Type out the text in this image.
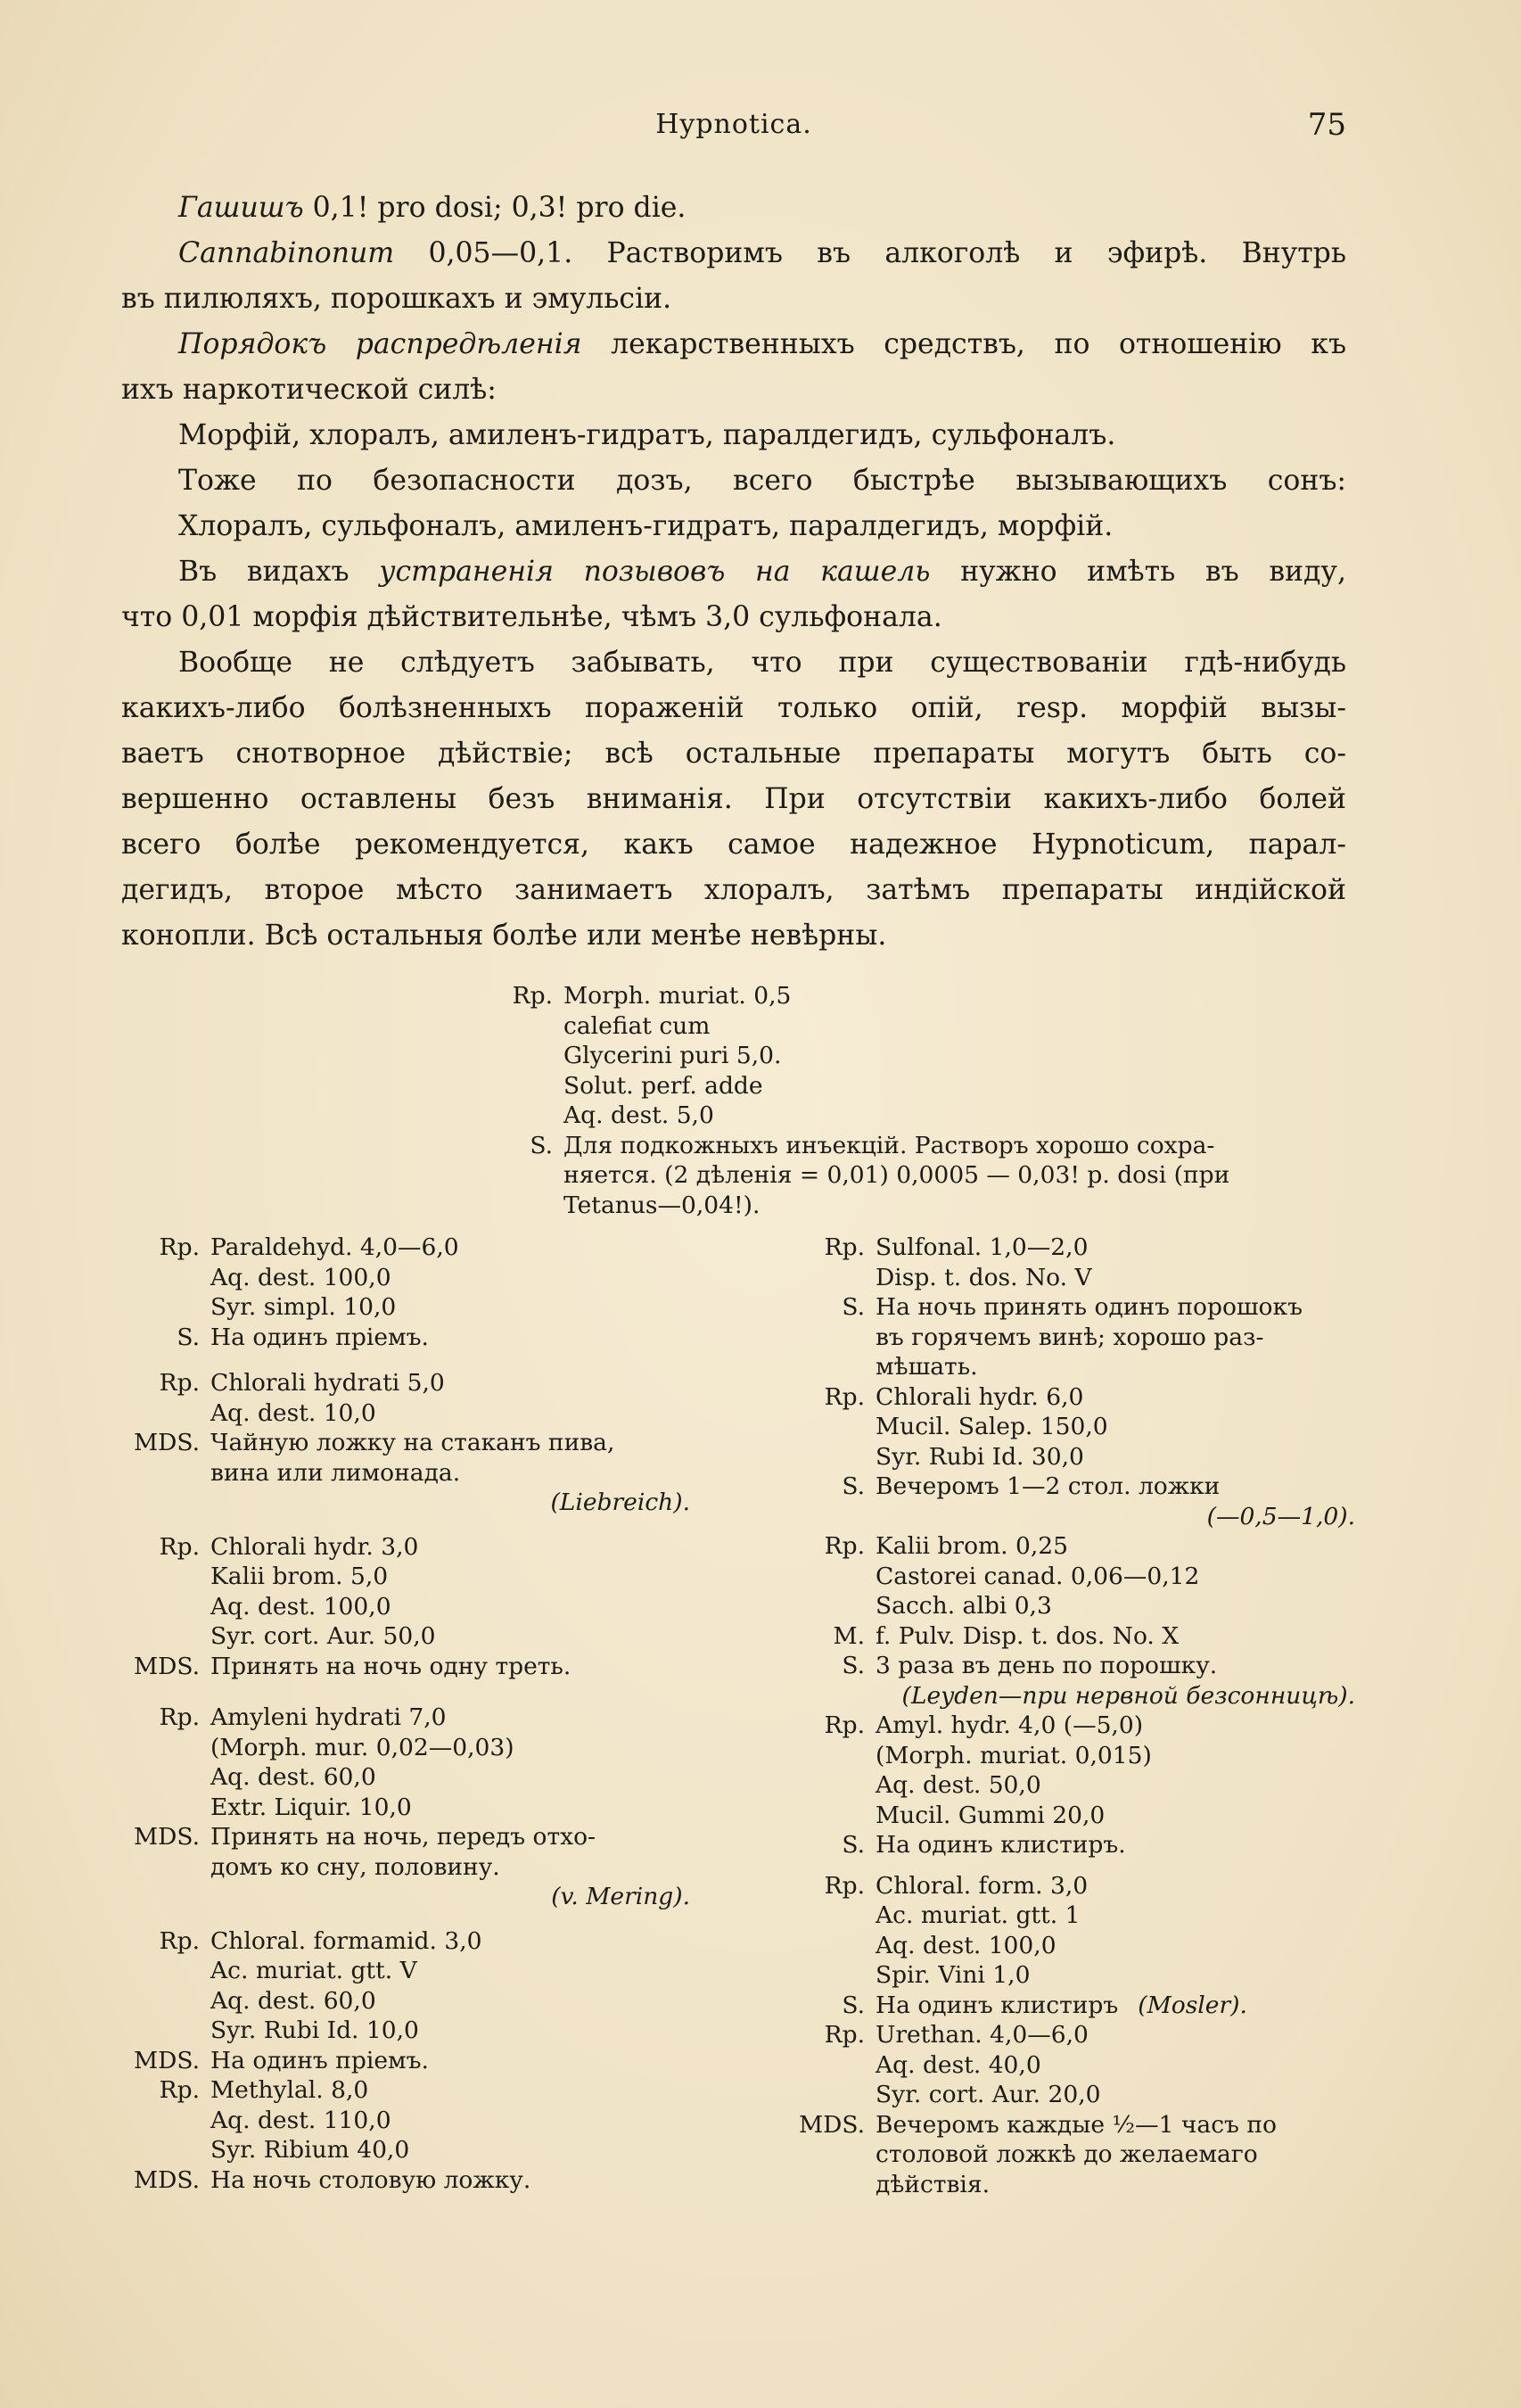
Hypnotica.	75

Гашишъ 0,1! pro dosi; 0,3! pro die.

Cannabinonum 0,05—0,1. Растворимъ въ алкоголѣ и эфирѣ. Внутрь
въ пилюляхъ, порошкахъ и эмульсіи.

Порядокъ распредѣленія лекарственныхъ средствъ, по отношенію къ
ихъ наркотической силѣ:

Морфій, хлоралъ, амиленъ-гидратъ, паралдегидъ, сульфоналъ.

Тоже по безопасности дозъ, всего быстрѣе вызывающихъ сонъ:

Хлоралъ, сульфоналъ, амиленъ-гидратъ, паралдегидъ, морфій.

Въ видахъ устраненія позывовъ на кашель нужно имѣть въ виду,
что 0,01 морфія дѣйствительнѣе, чѣмъ 3,0 сульфонала.

Вообще не слѣдуетъ забывать, что при существованіи гдѣ-нибудь
какихъ-либо болѣзненныхъ пораженій только опій, resp. морфій вызы-
ваетъ снотворное дѣйствіе; всѣ остальные препараты могутъ быть со-
вершенно оставлены безъ вниманія. При отсутствіи какихъ-либо болей
всего болѣе рекомендуется, какъ самое надежное Hypnoticum, парал-
дегидъ, второе мѣсто занимаетъ хлоралъ, затѣмъ препараты индійской
конопли. Всѣ остальныя болѣе или менѣе невѣрны.

Rp. Morph. muriat. 0,5
calefiat cum
Glycerini puri 5,0.
Solut. perf. adde
Aq. dest. 5,0
S. Для подкожныхъ инъекцій. Растворъ хорошо сохра-
няется. (2 дѣленія = 0,01) 0,0005 — 0,03! p. dosi (при
Tetanus—0,04!).
Rp. Paraldehyd. 4,0—6,0
Aq. dest. 100,0
Syr. simpl. 10,0
S. На одинъ пріемъ.
Rp. Chlorali hydrati 5,0
Aq. dest. 10,0
MDS. Чайную ложку на стаканъ пива,
вина или лимонада.
(Liebreich).
Rp. Chlorali hydr. 3,0
Kalii brom. 5,0
Aq. dest. 100,0
Syr. cort. Aur. 50,0
MDS. Принять на ночь одну треть.
Rp. Amyleni hydrati 7,0
(Morph. mur. 0,02—0,03)
Aq. dest. 60,0
Extr. Liquir. 10,0
MDS. Принять на ночь, передъ отхо-
домъ ко сну, половину.
(v. Mering).
Rp. Chloral. formamid. 3,0
Ac. muriat. gtt. V
Aq. dest. 60,0
Syr. Rubi Id. 10,0
MDS. На одинъ пріемъ.
Rp. Methylal. 8,0
Aq. dest. 110,0
Syr. Ribium 40,0
MDS. На ночь столовую ложку.
Rp. Sulfonal. 1,0—2,0
Disp. t. dos. No. V
S. На ночь принять одинъ порошокъ
въ горячемъ винѣ; хорошо раз-
мѣшать.
Rp. Chlorali hydr. 6,0
Mucil. Salep. 150,0
Syr. Rubi Id. 30,0
S. Вечеромъ 1—2 стол. ложки
(—0,5—1,0).
Rp. Kalii brom. 0,25
Castorei canad. 0,06—0,12
Sacch. albi 0,3
M. f. Pulv. Disp. t. dos. No. X
S. 3 раза въ день по порошку.
(Leyden—при нервной безсонницѣ).
Rp. Amyl. hydr. 4,0 (—5,0)
(Morph. muriat. 0,015)
Aq. dest. 50,0
Mucil. Gummi 20,0
S. На одинъ клистиръ.
Rp. Chloral. form. 3,0
Ac. muriat. gtt. 1
Aq. dest. 100,0
Spir. Vini 1,0
S. На одинъ клистиръ (Mosler).
Rp. Urethan. 4,0—6,0
Aq. dest. 40,0
Syr. cort. Aur. 20,0
MDS. Вечеромъ каждые ½—1 часъ по
столовой ложкѣ до желаемаго
дѣйствія.
